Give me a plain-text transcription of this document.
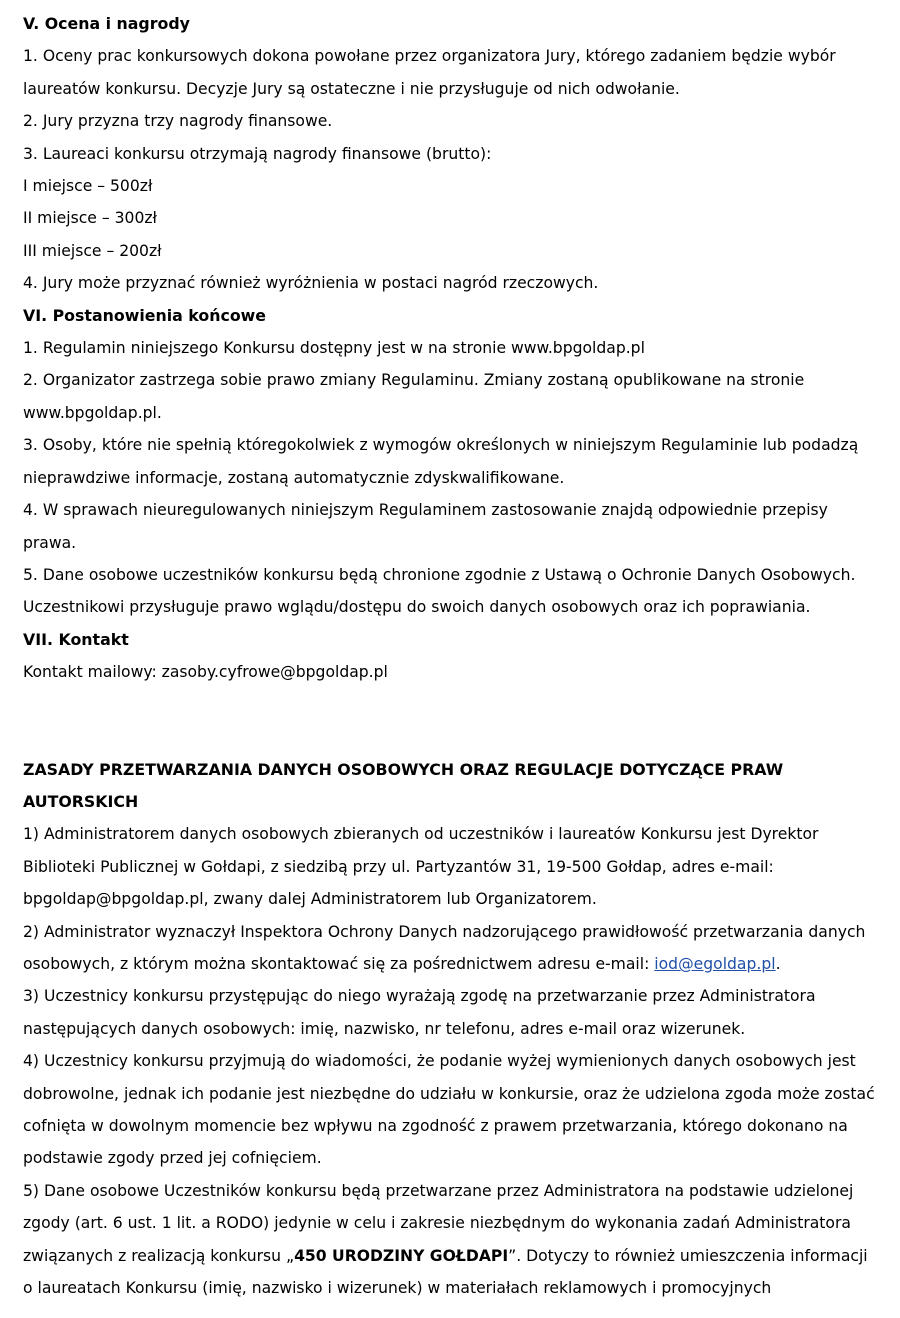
V. Ocena i nagrody

1. Oceny prac konkursowych dokona powołane przez organizatora Jury, którego zadaniem będzie wybór

laureatów konkursu. Decyzje Jury są ostateczne i nie przysługuje od nich odwołanie.

2. Jury przyzna trzy nagrody finansowe.

3. Laureaci konkursu otrzymają nagrody finansowe (brutto):

I miejsce – 500zł

II miejsce – 300zł

III miejsce – 200zł

4. Jury może przyznać również wyróżnienia w postaci nagród rzeczowych.

VI. Postanowienia końcowe

1. Regulamin niniejszego Konkursu dostępny jest w na stronie www.bpgoldap.pl

2. Organizator zastrzega sobie prawo zmiany Regulaminu. Zmiany zostaną opublikowane na stronie

www.bpgoldap.pl.

3. Osoby, które nie spełnią któregokolwiek z wymogów określonych w niniejszym Regulaminie lub podadzą

nieprawdziwe informacje, zostaną automatycznie zdyskwalifikowane.

4. W sprawach nieuregulowanych niniejszym Regulaminem zastosowanie znajdą odpowiednie przepisy

prawa.

5. Dane osobowe uczestników konkursu będą chronione zgodnie z Ustawą o Ochronie Danych Osobowych.

Uczestnikowi przysługuje prawo wglądu/dostępu do swoich danych osobowych oraz ich poprawiania.

VII. Kontakt

Kontakt mailowy: zasoby.cyfrowe@bpgoldap.pl

ZASADY PRZETWARZANIA DANYCH OSOBOWYCH ORAZ REGULACJE DOTYCZĄCE PRAW

AUTORSKICH

1) Administratorem danych osobowych zbieranych od uczestników i laureatów Konkursu jest Dyrektor

Biblioteki Publicznej w Gołdapi, z siedzibą przy ul. Partyzantów 31, 19-500 Gołdap, adres e-mail:

bpgoldap@bpgoldap.pl, zwany dalej Administratorem lub Organizatorem.

2) Administrator wyznaczył Inspektora Ochrony Danych nadzorującego prawidłowość przetwarzania danych

osobowych, z którym można skontaktować się za pośrednictwem adresu e-mail: iod@egoldap.pl.

3) Uczestnicy konkursu przystępując do niego wyrażają zgodę na przetwarzanie przez Administratora

następujących danych osobowych: imię, nazwisko, nr telefonu, adres e-mail oraz wizerunek.

4) Uczestnicy konkursu przyjmują do wiadomości, że podanie wyżej wymienionych danych osobowych jest

dobrowolne, jednak ich podanie jest niezbędne do udziału w konkursie, oraz że udzielona zgoda może zostać

cofnięta w dowolnym momencie bez wpływu na zgodność z prawem przetwarzania, którego dokonano na

podstawie zgody przed jej cofnięciem.

5) Dane osobowe Uczestników konkursu będą przetwarzane przez Administratora na podstawie udzielonej

zgody (art. 6 ust. 1 lit. a RODO) jedynie w celu i zakresie niezbędnym do wykonania zadań Administratora

związanych z realizacją konkursu „450 URODZINY GOŁDAPI”. Dotyczy to również umieszczenia informacji

o laureatach Konkursu (imię, nazwisko i wizerunek) w materiałach reklamowych i promocyjnych
